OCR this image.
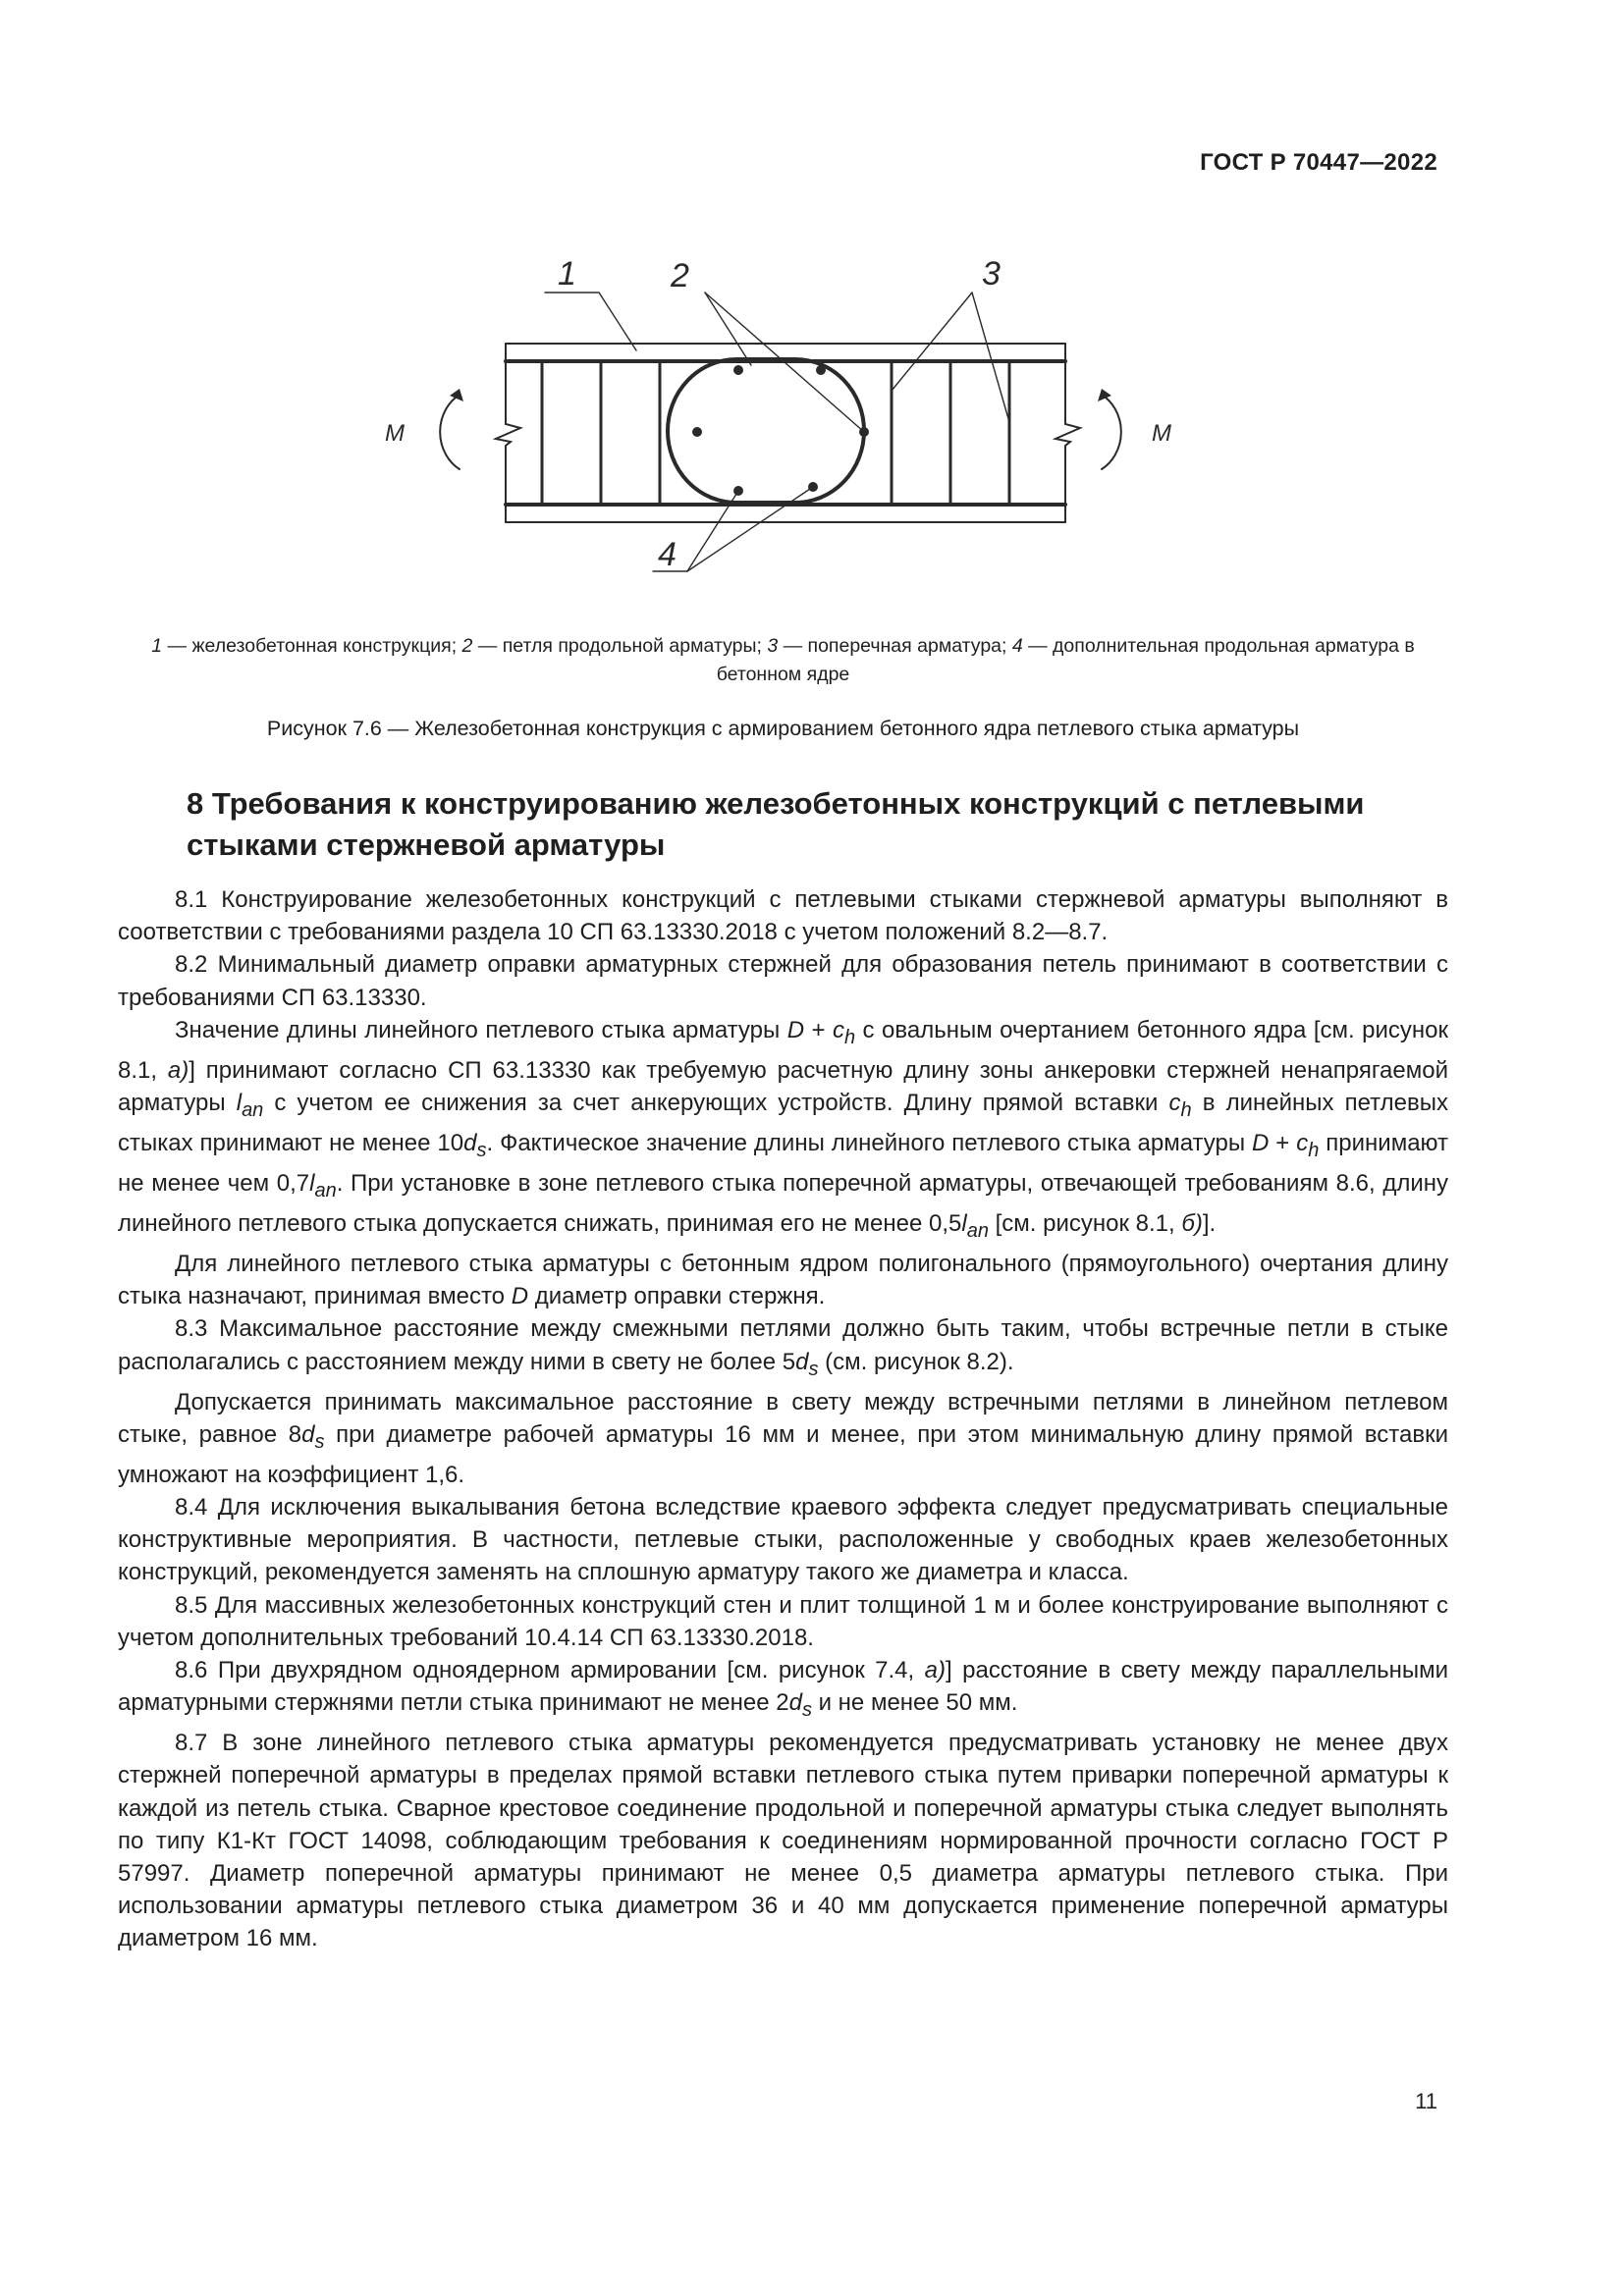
ГОСТ Р 70447—2022
1	2	3
4
М	М
1 — железобетонная конструкция; 2 — петля продольной арматуры; 3 — поперечная арматура; 4 — дополнительная продольная арматура в бетонном ядре
Рисунок 7.6 — Железобетонная конструкция с армированием бетонного ядра петлевого стыка арматуры
8 Требования к конструированию железобетонных конструкций с петлевыми стыками стержневой арматуры

8.1 Конструирование железобетонных конструкций с петлевыми стыками стержневой арматуры выполняют в соответствии с требованиями раздела 10 СП 63.13330.2018 с учетом положений 8.2—8.7.

8.2 Минимальный диаметр оправки арматурных стержней для образования петель принимают в соответствии с требованиями СП 63.13330.

Значение длины линейного петлевого стыка арматуры $D + c_h$ с овальным очертанием бетонного ядра [см. рисунок 8.1, а)] принимают согласно СП 63.13330 как требуемую расчетную длину зоны анкеровки стержней ненапрягаемой арматуры $l_{an}$ с учетом ее снижения за счет анкерующих устройств. Длину прямой вставки $c_h$ в линейных петлевых стыках принимают не менее $10d_s$. Фактическое значение длины линейного петлевого стыка арматуры $D + c_h$ принимают не менее чем $0,7l_{an}$. При установке в зоне петлевого стыка поперечной арматуры, отвечающей требованиям 8.6, длину линейного петлевого стыка допускается снижать, принимая его не менее $0,5l_{an}$ [см. рисунок 8.1, б)].

Для линейного петлевого стыка арматуры с бетонным ядром полигонального (прямоугольного) очертания длину стыка назначают, принимая вместо D диаметр оправки стержня.

8.3 Максимальное расстояние между смежными петлями должно быть таким, чтобы встречные петли в стыке располагались с расстоянием между ними в свету не более $5d_s$ (см. рисунок 8.2).

Допускается принимать максимальное расстояние в свету между встречными петлями в линейном петлевом стыке, равное $8d_s$ при диаметре рабочей арматуры 16 мм и менее, при этом минимальную длину прямой вставки умножают на коэффициент 1,6.

8.4 Для исключения выкалывания бетона вследствие краевого эффекта следует предусматривать специальные конструктивные мероприятия. В частности, петлевые стыки, расположенные у свободных краев железобетонных конструкций, рекомендуется заменять на сплошную арматуру такого же диаметра и класса.

8.5 Для массивных железобетонных конструкций стен и плит толщиной 1 м и более конструирование выполняют с учетом дополнительных требований 10.4.14 СП 63.13330.2018.

8.6 При двухрядном одноядерном армировании [см. рисунок 7.4, а)] расстояние в свету между параллельными арматурными стержнями петли стыка принимают не менее $2d_s$ и не менее 50 мм.

8.7 В зоне линейного петлевого стыка арматуры рекомендуется предусматривать установку не менее двух стержней поперечной арматуры в пределах прямой вставки петлевого стыка путем приварки поперечной арматуры к каждой из петель стыка. Сварное крестовое соединение продольной и поперечной арматуры стыка следует выполнять по типу К1-Кт ГОСТ 14098, соблюдающим требования к соединениям нормированной прочности согласно ГОСТ Р 57997. Диаметр поперечной арматуры принимают не менее 0,5 диаметра арматуры петлевого стыка. При использовании арматуры петлевого стыка диаметром 36 и 40 мм допускается применение поперечной арматуры диаметром 16 мм.

11
